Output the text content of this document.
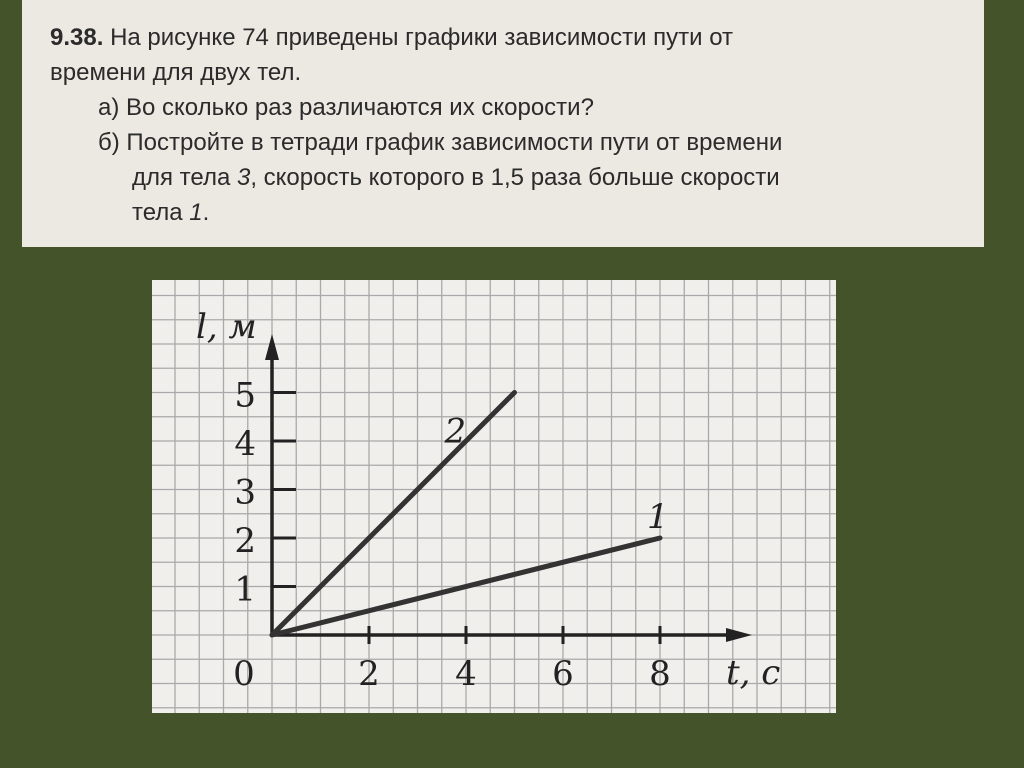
9.38. На рисунке 74 приведены графики зависимости пути от
времени для двух тел.
а) Во сколько раз различаются их скорости?
б) Постройте в тетради график зависимости пути от времени
для тела 3, скорость которого в 1,5 раза больше скорости
тела 1.
2 4 6 8
1
2
3
4
5
0
l, м
t, c
1
2
